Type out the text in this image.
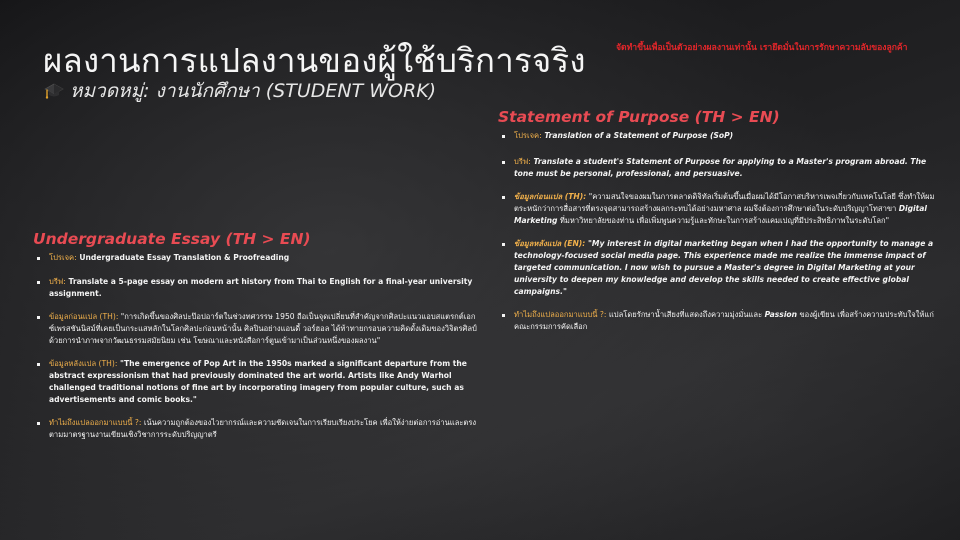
ผลงานการแปลงานของผู้ใช้บริการจริง
หมวดหมู่: งานนักศึกษา (STUDENT WORK)
จัดทำขึ้นเพื่อเป็นตัวอย่างผลงานเท่านั้น เรายึดมั่นในการรักษาความลับของลูกค้า
Undergraduate Essay (TH > EN)
โปรเจค: Undergraduate Essay Translation & Proofreading
บรีฟ: Translate a 5-page essay on modern art history from Thai to English for a final-year university assignment.
ข้อมูลก่อนแปล (TH): "การเกิดขึ้นของศิลปะป๊อปอาร์ตในช่วงทศวรรษ 1950 ถือเป็นจุดเปลี่ยนที่สำคัญจากศิลปะแนวแอบสแตรกต์เอกซ์เพรสชันนิสม์ที่เคยเป็นกระแสหลักในโลกศิลปะก่อนหน้านั้น ศิลปินอย่างแอนดี้ วอร์ฮอล ได้ท้าทายกรอบความคิดดั้งเดิมของวิจิตรศิลป์ด้วยการนำภาพจากวัฒนธรรมสมัยนิยม เช่น โฆษณาและหนังสือการ์ตูนเข้ามาเป็นส่วนหนึ่งของผลงาน"
ข้อมูลหลังแปล (TH): "The emergence of Pop Art in the 1950s marked a significant departure from the abstract expressionism that had previously dominated the art world. Artists like Andy Warhol challenged traditional notions of fine art by incorporating imagery from popular culture, such as advertisements and comic books."
ทำไมถึงแปลออกมาแบบนี้ ?: เน้นความถูกต้องของไวยากรณ์และความชัดเจนในการเรียบเรียงประโยค เพื่อให้ง่ายต่อการอ่านและตรงตามมาตรฐานงานเขียนเชิงวิชาการระดับปริญญาตรี
Statement of Purpose (TH > EN)
โปรเจค: Translation of a Statement of Purpose (SoP)
บรีฟ: Translate a student's Statement of Purpose for applying to a Master's program abroad. The tone must be personal, professional, and persuasive.
ข้อมูลก่อนแปล (TH): "ความสนใจของผมในการตลาดดิจิทัลเริ่มต้นขึ้นเมื่อผมได้มีโอกาสบริหารเพจเกี่ยวกับเทคโนโลยี ซึ่งทำให้ผมตระหนักว่าการสื่อสารที่ตรงจุดสามารถสร้างผลกระทบได้อย่างมหาศาล ผมจึงต้องการศึกษาต่อในระดับปริญญาโทสาขา Digital Marketing ที่มหาวิทยาลัยของท่าน เพื่อเพิ่มพูนความรู้และทักษะในการสร้างแคมเปญที่มีประสิทธิภาพในระดับโลก"
ข้อมูลหลังแปล (EN): "My interest in digital marketing began when I had the opportunity to manage a technology-focused social media page. This experience made me realize the immense impact of targeted communication. I now wish to pursue a Master's degree in Digital Marketing at your university to deepen my knowledge and develop the skills needed to create effective global campaigns."
ทำไมถึงแปลออกมาแบบนี้ ?: แปลโดยรักษาน้ำเสียงที่แสดงถึงความมุ่งมั่นและ Passion ของผู้เขียน เพื่อสร้างความประทับใจให้แก่คณะกรรมการคัดเลือก
